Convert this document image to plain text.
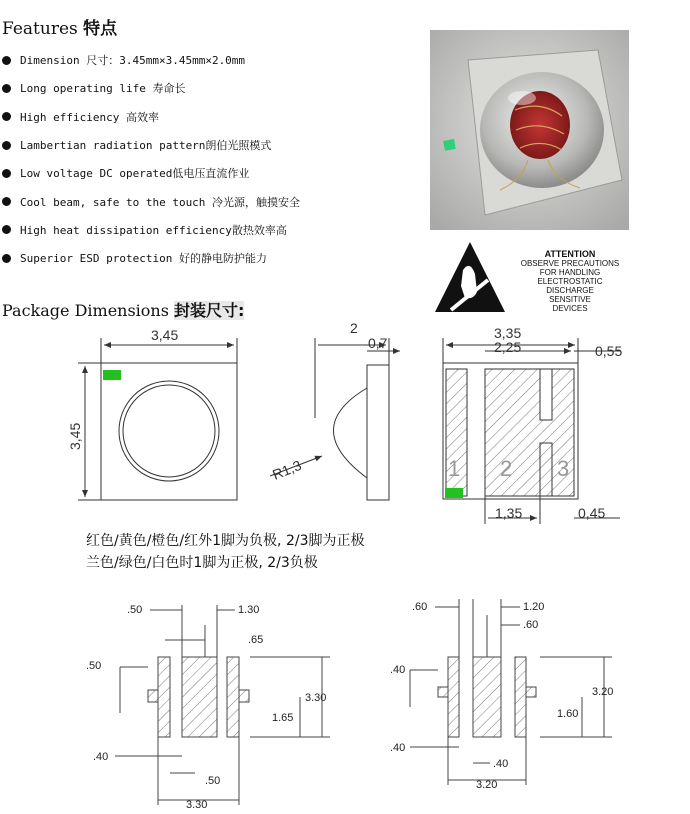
Features 特点
Dimension 尺寸：3.45mm×3.45mm×2.0mm
Long operating life 寿命长
High efficiency 高效率
Lambertian radiation pattern朗伯光照模式
Low voltage DC operated低电压直流作业
Cool beam, safe to the touch 冷光源，触摸安全
High heat dissipation efficiency散热效率高
Superior ESD protection 好的静电防护能力	ATTENTION
OBSERVE PRECAUTIONS
FOR HANDLING
ELECTROSTATIC
DISCHARGE
SENSITIVE
DEVICES
Package Dimensions 封装尺寸:
3,45
3,45
2
0,7
R1,3
3,35
2,25	0,55
1,35	0,45
1 2 3
红色/黄色/橙色/红外1脚为负极, 2/3脚为正极
兰色/绿色/白色时1脚为正极, 2/3负极
.50	1.30
.65
.50
3.30
1.65
.40
.50
3.30
.60	1.20
.60
.40
3.20
1.60
.40
.40
3.20
